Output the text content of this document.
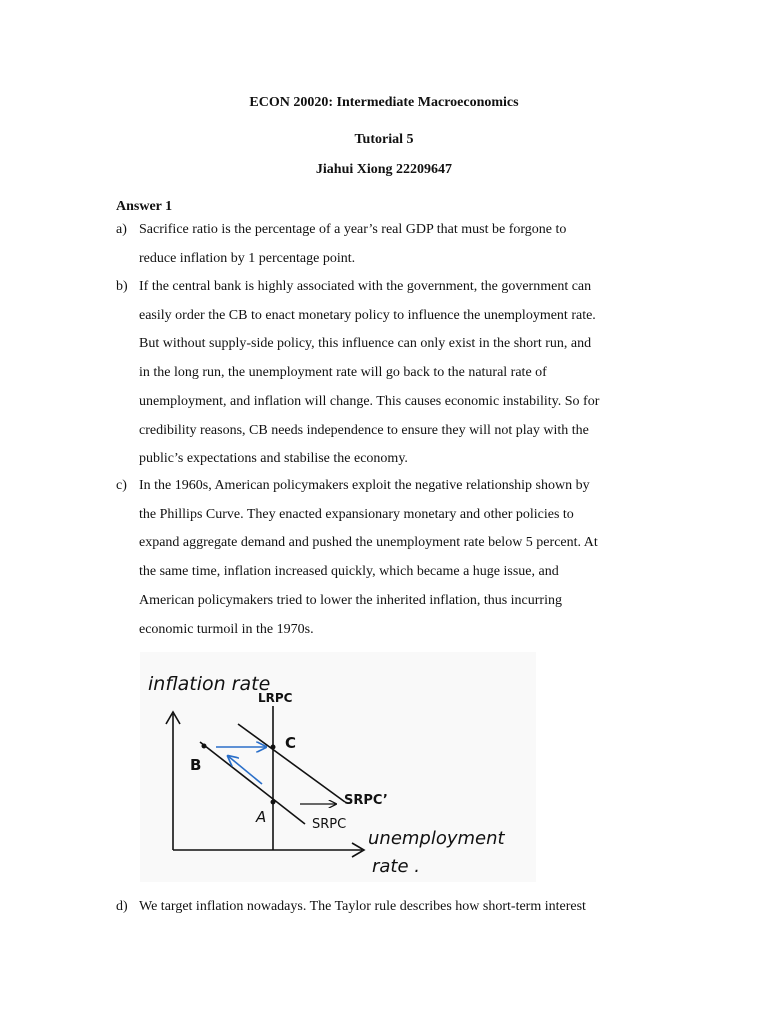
ECON 20020: Intermediate Macroeconomics
Tutorial 5
Jiahui Xiong 22209647
Answer 1
a) Sacrifice ratio is the percentage of a year’s real GDP that must be forgone to
reduce inflation by 1 percentage point.
b) If the central bank is highly associated with the government, the government can
easily order the CB to enact monetary policy to influence the unemployment rate.
But without supply-side policy, this influence can only exist in the short run, and
in the long run, the unemployment rate will go back to the natural rate of
unemployment, and inflation will change. This causes economic instability. So for
credibility reasons, CB needs independence to ensure they will not play with the
public’s expectations and stabilise the economy.
c) In the 1960s, American policymakers exploit the negative relationship shown by
the Phillips Curve. They enacted expansionary monetary and other policies to
expand aggregate demand and pushed the unemployment rate below 5 percent. At
the same time, inflation increased quickly, which became a huge issue, and
American policymakers tried to lower the inherited inflation, thus incurring
economic turmoil in the 1970s.
inflation rate
unemployment
rate .
LRPC
SRPC
SRPC’
B
C
A
d) We target inflation nowadays. The Taylor rule describes how short-term interest
